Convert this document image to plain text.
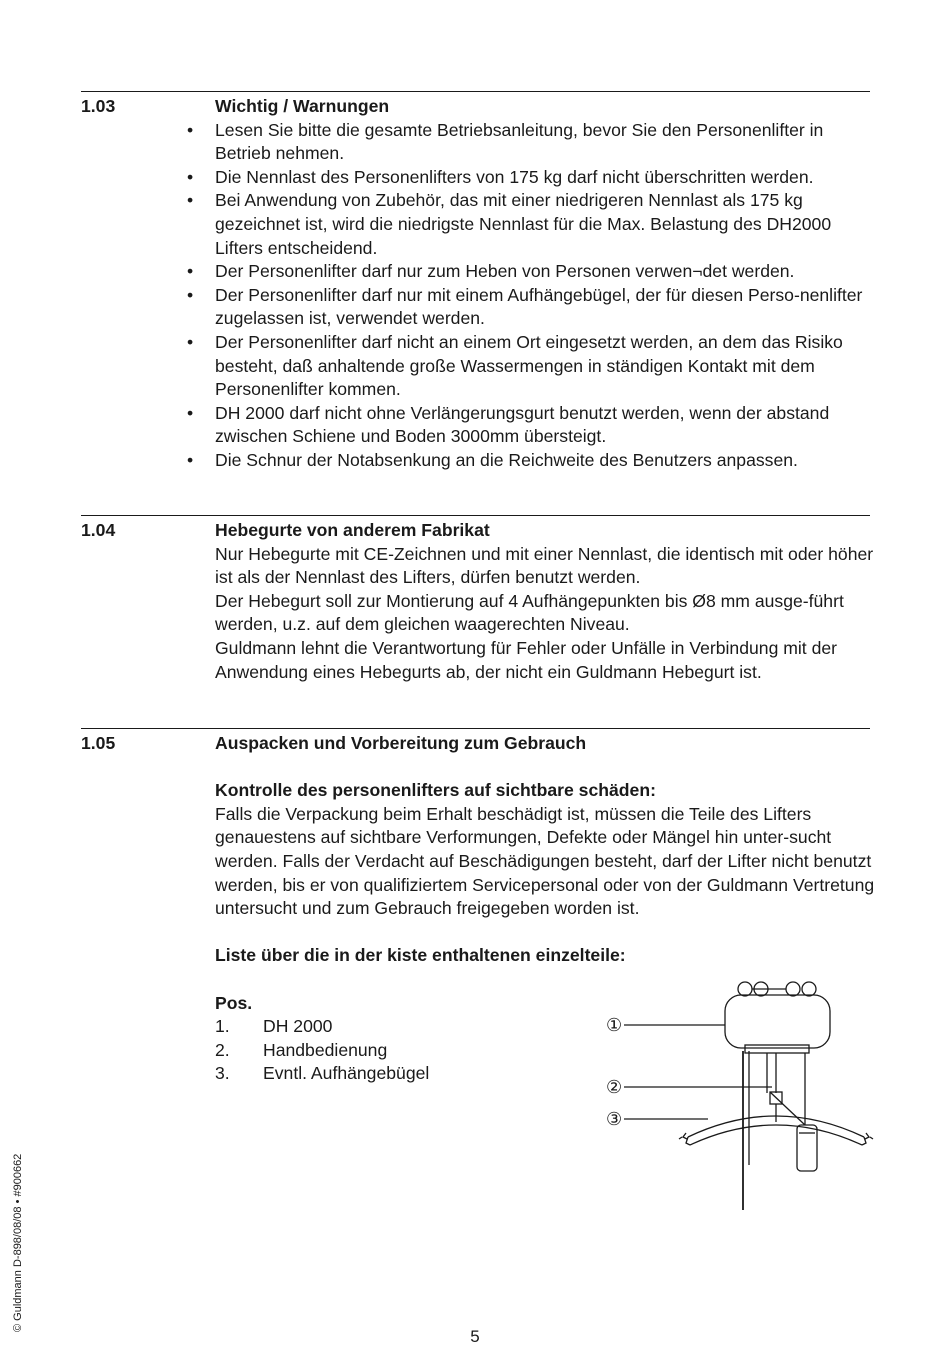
1.03	Wichtig / Warnungen
• Lesen Sie bitte die gesamte Betriebsanleitung, bevor Sie den Personenlifter in Betrieb nehmen.
• Die Nennlast des Personenlifters von 175 kg darf nicht überschritten werden.
• Bei Anwendung von Zubehör, das mit einer niedrigeren Nennlast als 175 kg gezeichnet ist, wird die niedrigste Nennlast für die Max. Belastung des DH2000 Lifters entscheidend.
• Der Personenlifter darf nur zum Heben von Personen verwen¬det werden.
• Der Personenlifter darf nur mit einem Aufhängebügel, der für diesen Perso-nenlifter zugelassen ist, verwendet werden.
• Der Personenlifter darf nicht an einem Ort eingesetzt werden, an dem das Risiko besteht, daß anhaltende große Wassermengen in ständigen Kontakt mit dem Personenlifter kommen.
• DH 2000 darf nicht ohne Verlängerungsgurt benutzt werden, wenn der abstand zwischen Schiene und Boden 3000mm übersteigt.
• Die Schnur der Notabsenkung an die Reichweite des Benutzers anpassen.
1.04	Hebegurte von anderem Fabrikat

Nur Hebegurte mit CE-Zeichnen und mit einer Nennlast, die identisch mit oder höher ist als der Nennlast des Lifters, dürfen benutzt werden.

Der Hebegurt soll zur Montierung auf 4 Aufhängepunkten bis Ø8 mm ausge-führt werden, u.z. auf dem gleichen waagerechten Niveau.

Guldmann lehnt die Verantwortung für Fehler oder Unfälle in Verbindung mit der Anwendung eines Hebegurts ab, der nicht ein Guldmann Hebegurt ist.

1.05	Auspacken und Vorbereitung zum Gebrauch
Kontrolle des personenlifters auf sichtbare schäden:

Falls die Verpackung beim Erhalt beschädigt ist, müssen die Teile des Lifters genauestens auf sichtbare Verformungen, Defekte oder Mängel hin unter-sucht werden. Falls der Verdacht auf Beschädigungen besteht, darf der Lifter nicht benutzt werden, bis er von qualifiziertem Servicepersonal oder von der Guldmann Vertretung untersucht und zum Gebrauch freigegeben worden ist.

Liste über die in der kiste enthaltenen einzelteile:
Pos.
1.	DH 2000
2.	Handbedienung
3.	Evntl. Aufhängebügel
①
②
③
© Guldmann D-898/08/08 • #900662
5
